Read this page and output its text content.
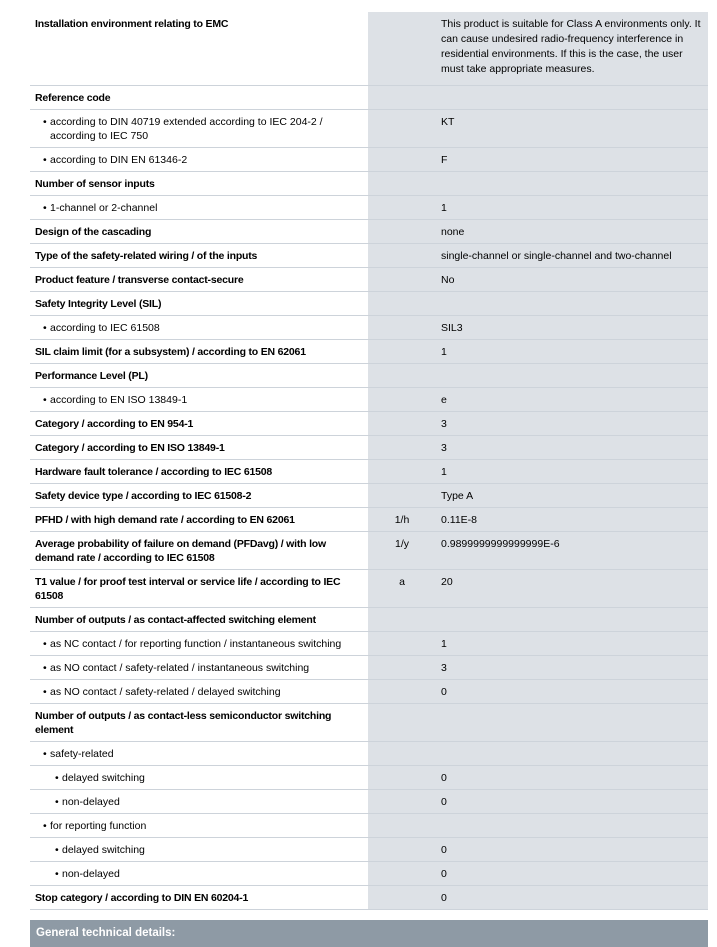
Installation environment relating to EMC		This product is suitable for Class A environments only. It can cause undesired radio-frequency interference in residential environments. If this is the case, the user must take appropriate measures.
Reference code		

• according to DIN 40719 extended according to IEC 204-2 / according to IEC 750		KT

• according to DIN EN 61346-2		F
Number of sensor inputs		

• 1-channel or 2-channel		1
Design of the cascading		none
Type of the safety-related wiring / of the inputs		single-channel or single-channel and two-channel
Product feature / transverse contact-secure		No
Safety Integrity Level (SIL)		

• according to IEC 61508		SIL3
SIL claim limit (for a subsystem) / according to EN 62061		1
Performance Level (PL)		

• according to EN ISO 13849-1		e
Category / according to EN 954-1		3
Category / according to EN ISO 13849-1		3
Hardware fault tolerance / according to IEC 61508		1
Safety device type / according to IEC 61508-2		Type A
PFHD / with high demand rate / according to EN 62061	1/h	0.11E-8
Average probability of failure on demand (PFDavg) / with low demand rate / according to IEC 61508	1/y	0.9899999999999999E-6
T1 value / for proof test interval or service life / according to IEC 61508	a	20
Number of outputs / as contact-affected switching element		

• as NC contact / for reporting function / instantaneous switching		1

• as NO contact / safety-related / instantaneous switching		3

• as NO contact / safety-related / delayed switching		0
Number of outputs / as contact-less semiconductor switching element		

• safety-related		

• delayed switching		0

• non-delayed		0

• for reporting function		

• delayed switching		0

• non-delayed		0
Stop category / according to DIN EN 60204-1		0
General technical details:
